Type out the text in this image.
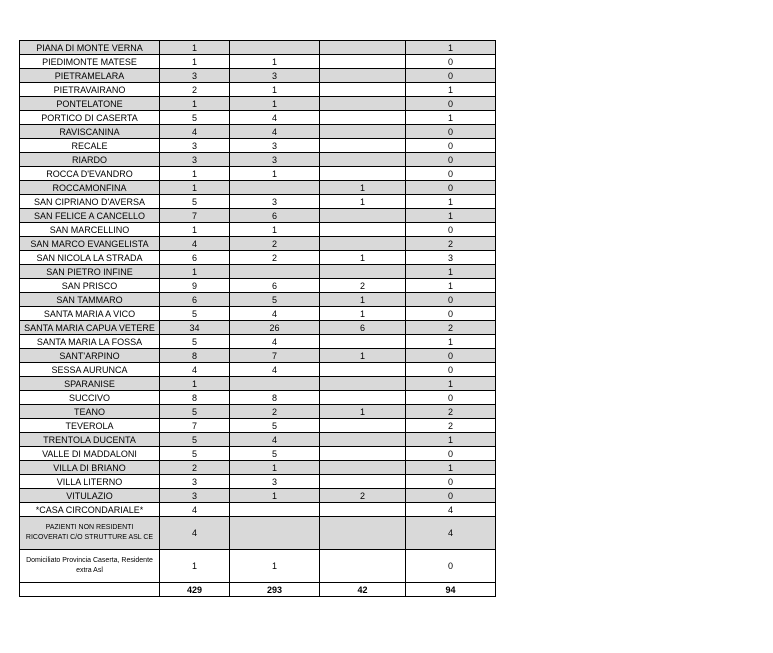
PIANA DI MONTE VERNA	1			1
PIEDIMONTE MATESE	1	1		0
PIETRAMELARA	3	3		0
PIETRAVAIRANO	2	1		1
PONTELATONE	1	1		0
PORTICO DI CASERTA	5	4		1
RAVISCANINA	4	4		0
RECALE	3	3		0
RIARDO	3	3		0
ROCCA D'EVANDRO	1	1		0
ROCCAMONFINA	1		1	0
SAN CIPRIANO D'AVERSA	5	3	1	1
SAN FELICE A CANCELLO	7	6		1
SAN MARCELLINO	1	1		0
SAN MARCO EVANGELISTA	4	2		2
SAN NICOLA LA STRADA	6	2	1	3
SAN PIETRO INFINE	1			1
SAN PRISCO	9	6	2	1
SAN TAMMARO	6	5	1	0
SANTA MARIA A VICO	5	4	1	0
SANTA MARIA CAPUA VETERE	34	26	6	2
SANTA MARIA LA FOSSA	5	4		1
SANT'ARPINO	8	7	1	0
SESSA AURUNCA	4	4		0
SPARANISE	1			1
SUCCIVO	8	8		0
TEANO	5	2	1	2
TEVEROLA	7	5		2
TRENTOLA DUCENTA	5	4		1
VALLE DI MADDALONI	5	5		0
VILLA DI BRIANO	2	1		1
VILLA LITERNO	3	3		0
VITULAZIO	3	1	2	0
*CASA CIRCONDARIALE*	4			4
PAZIENTI NON RESIDENTI RICOVERATI C/O STRUTTURE ASL CE	4			4
Domiciliato Provincia Caserta, Residente extra Asl	1	1		0
	429	293	42	94
